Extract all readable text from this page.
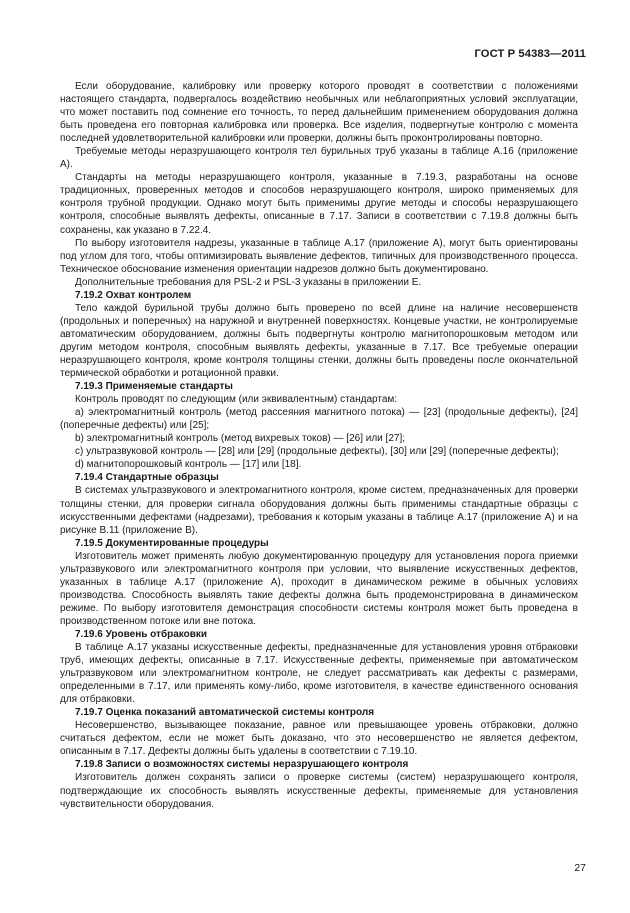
ГОСТ Р 54383—2011

Если оборудование, калибровку или проверку которого проводят в соответствии с положениями настоящего стандарта, подвергалось воздействию необычных или неблагоприятных условий эксплуатации, что может поставить под сомнение его точность, то перед дальнейшим применением оборудования должна быть проведена его повторная калибровка или проверка. Все изделия, подвергнутые контролю с момента последней удовлетворительной калибровки или проверки, должны быть проконтролированы повторно.

Требуемые методы неразрушающего контроля тел бурильных труб указаны в таблице А.16 (приложение А).

Стандарты на методы неразрушающего контроля, указанные в 7.19.3, разработаны на основе традиционных, проверенных методов и способов неразрушающего контроля, широко применяемых для контроля трубной продукции. Однако могут быть применимы другие методы и способы неразрушающего контроля, способные выявлять дефекты, описанные в 7.17. Записи в соответствии с 7.19.8 должны быть сохранены, как указано в 7.22.4.

По выбору изготовителя надрезы, указанные в таблице А.17 (приложение А), могут быть ориентированы под углом для того, чтобы оптимизировать выявление дефектов, типичных для производственного процесса. Техническое обоснование изменения ориентации надрезов должно быть документировано.

Дополнительные требования для PSL-2 и PSL-3 указаны в приложении Е.

7.19.2 Охват контролем

Тело каждой бурильной трубы должно быть проверено по всей длине на наличие несовершенств (продольных и поперечных) на наружной и внутренней поверхностях. Концевые участки, не контролируемые автоматическим оборудованием, должны быть подвергнуты контролю магнитопорошковым методом или другим методом контроля, способным выявлять дефекты, указанные в 7.17. Все требуемые операции неразрушающего контроля, кроме контроля толщины стенки, должны быть проведены после окончательной термической обработки и ротационной правки.

7.19.3 Применяемые стандарты

Контроль проводят по следующим (или эквивалентным) стандартам:

а) электромагнитный контроль (метод рассеяния магнитного потока) — [23] (продольные дефекты), [24] (поперечные дефекты) или [25];

b) электромагнитный контроль (метод вихревых токов) — [26] или [27];

c) ультразвуковой контроль — [28] или [29] (продольные дефекты), [30] или [29] (поперечные дефекты);

d) магнитопорошковый контроль — [17] или [18].

7.19.4 Стандартные образцы

В системах ультразвукового и электромагнитного контроля, кроме систем, предназначенных для проверки толщины стенки, для проверки сигнала оборудования должны быть применимы стандартные образцы с искусственными дефектами (надрезами), требования к которым указаны в таблице А.17 (приложение А) и на рисунке В.11 (приложение В).

7.19.5 Документированные процедуры

Изготовитель может применять любую документированную процедуру для установления порога приемки ультразвукового или электромагнитного контроля при условии, что выявление искусственных дефектов, указанных в таблице А.17 (приложение А), проходит в динамическом режиме в обычных условиях производства. Способность выявлять такие дефекты должна быть продемонстрирована в динамическом режиме. По выбору изготовителя демонстрация способности системы контроля может быть проведена в производственном потоке или вне потока.

7.19.6 Уровень отбраковки

В таблице А.17 указаны искусственные дефекты, предназначенные для установления уровня отбраковки труб, имеющих дефекты, описанные в 7.17. Искусственные дефекты, применяемые при автоматическом ультразвуковом или электромагнитном контроле, не следует рассматривать как дефекты с размерами, определенными в 7.17, или применять кому-либо, кроме изготовителя, в качестве единственного основания для отбраковки.

7.19.7 Оценка показаний автоматической системы контроля

Несовершенство, вызывающее показание, равное или превышающее уровень отбраковки, должно считаться дефектом, если не может быть доказано, что это несовершенство не является дефектом, описанным в 7.17. Дефекты должны быть удалены в соответствии с 7.19.10.

7.19.8 Записи о возможностях системы неразрушающего контроля

Изготовитель должен сохранять записи о проверке системы (систем) неразрушающего контроля, подтверждающие их способность выявлять искусственные дефекты, применяемые для установления чувствительности оборудования.

27
